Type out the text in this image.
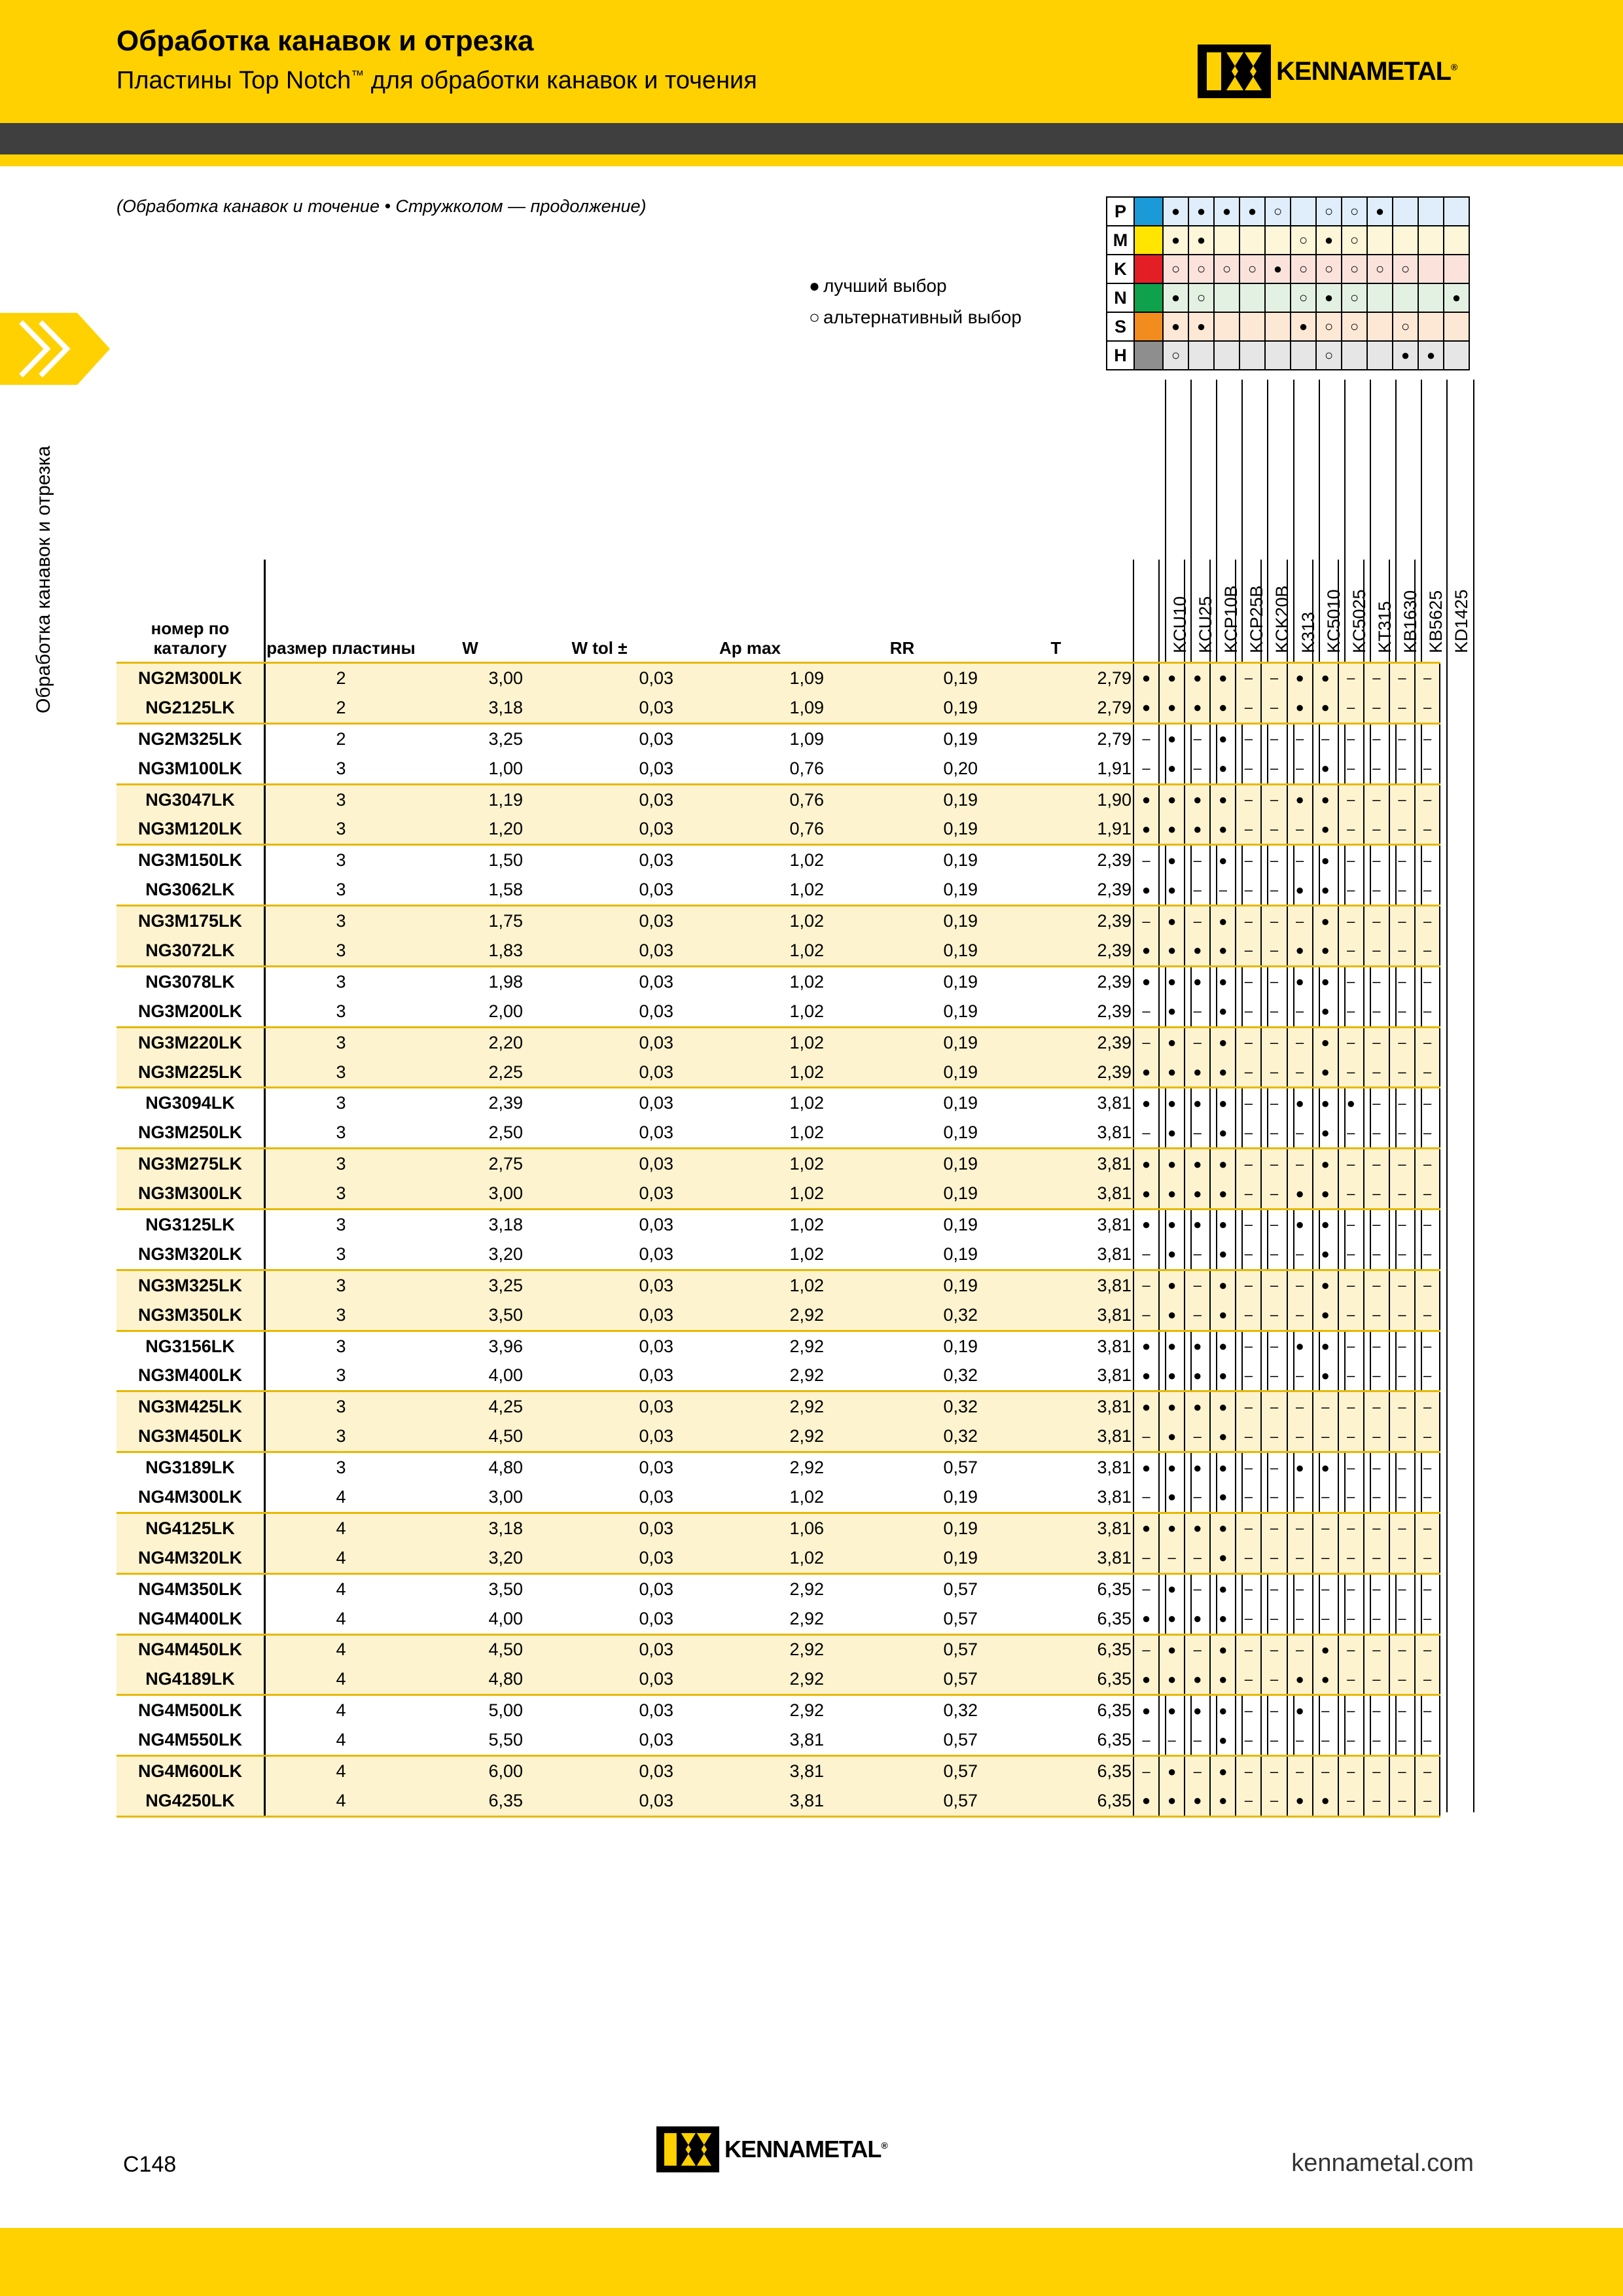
Обработка канавок и отрезка
Пластины Top Notch™ для обработки канавок и точения	KENNAMETAL®
Обработка канавок и отрезка
(Обработка канавок и точение • Стружколом — продолжение)
● лучший выбор
○ альтернативный выбор
P		●	●	●	●	○		○	○	●			
M		●	●				○	●	○				
K		○	○	○	○	●	○	○	○	○	○		
N		●	○				○	●	○				●
S		●	●				●	○	○		○		
H		○						○			●	●	
KCU10 KCU25 KCP10B KCP25B KCK20B K313 KC5010 KC5025 KT315 KB1630 KB5625 KD1425
номер по каталогу	размер пластины	W	W tol ±	Ap max	RR	T												
NG2M300LK	2	3,00	0,03	1,09	0,19	2,79	●	●	●	●	–	–	●	●	–	–	–	–
NG2125LK	2	3,18	0,03	1,09	0,19	2,79	●	●	●	●	–	–	●	●	–	–	–	–
NG2M325LK	2	3,25	0,03	1,09	0,19	2,79	–	●	–	●	–	–	–	–	–	–	–	–
NG3M100LK	3	1,00	0,03	0,76	0,20	1,91	–	●	–	●	–	–	–	●	–	–	–	–
NG3047LK	3	1,19	0,03	0,76	0,19	1,90	●	●	●	●	–	–	●	●	–	–	–	–
NG3M120LK	3	1,20	0,03	0,76	0,19	1,91	●	●	●	●	–	–	–	●	–	–	–	–
NG3M150LK	3	1,50	0,03	1,02	0,19	2,39	–	●	–	●	–	–	–	●	–	–	–	–
NG3062LK	3	1,58	0,03	1,02	0,19	2,39	●	●	–	–	–	–	●	●	–	–	–	–
NG3M175LK	3	1,75	0,03	1,02	0,19	2,39	–	●	–	●	–	–	–	●	–	–	–	–
NG3072LK	3	1,83	0,03	1,02	0,19	2,39	●	●	●	●	–	–	●	●	–	–	–	–
NG3078LK	3	1,98	0,03	1,02	0,19	2,39	●	●	●	●	–	–	●	●	–	–	–	–
NG3M200LK	3	2,00	0,03	1,02	0,19	2,39	–	●	–	●	–	–	–	●	–	–	–	–
NG3M220LK	3	2,20	0,03	1,02	0,19	2,39	–	●	–	●	–	–	–	●	–	–	–	–
NG3M225LK	3	2,25	0,03	1,02	0,19	2,39	●	●	●	●	–	–	–	●	–	–	–	–
NG3094LK	3	2,39	0,03	1,02	0,19	3,81	●	●	●	●	–	–	●	●	●	–	–	–
NG3M250LK	3	2,50	0,03	1,02	0,19	3,81	–	●	–	●	–	–	–	●	–	–	–	–
NG3M275LK	3	2,75	0,03	1,02	0,19	3,81	●	●	●	●	–	–	–	●	–	–	–	–
NG3M300LK	3	3,00	0,03	1,02	0,19	3,81	●	●	●	●	–	–	●	●	–	–	–	–
NG3125LK	3	3,18	0,03	1,02	0,19	3,81	●	●	●	●	–	–	●	●	–	–	–	–
NG3M320LK	3	3,20	0,03	1,02	0,19	3,81	–	●	–	●	–	–	–	●	–	–	–	–
NG3M325LK	3	3,25	0,03	1,02	0,19	3,81	–	●	–	●	–	–	–	●	–	–	–	–
NG3M350LK	3	3,50	0,03	2,92	0,32	3,81	–	●	–	●	–	–	–	●	–	–	–	–
NG3156LK	3	3,96	0,03	2,92	0,19	3,81	●	●	●	●	–	–	●	●	–	–	–	–
NG3M400LK	3	4,00	0,03	2,92	0,32	3,81	●	●	●	●	–	–	–	●	–	–	–	–
NG3M425LK	3	4,25	0,03	2,92	0,32	3,81	●	●	●	●	–	–	–	–	–	–	–	–
NG3M450LK	3	4,50	0,03	2,92	0,32	3,81	–	●	–	●	–	–	–	–	–	–	–	–
NG3189LK	3	4,80	0,03	2,92	0,57	3,81	●	●	●	●	–	–	●	●	–	–	–	–
NG4M300LK	4	3,00	0,03	1,02	0,19	3,81	–	●	–	●	–	–	–	–	–	–	–	–
NG4125LK	4	3,18	0,03	1,06	0,19	3,81	●	●	●	●	–	–	–	–	–	–	–	–
NG4M320LK	4	3,20	0,03	1,02	0,19	3,81	–	–	–	●	–	–	–	–	–	–	–	–
NG4M350LK	4	3,50	0,03	2,92	0,57	6,35	–	●	–	●	–	–	–	–	–	–	–	–
NG4M400LK	4	4,00	0,03	2,92	0,57	6,35	●	●	●	●	–	–	–	–	–	–	–	–
NG4M450LK	4	4,50	0,03	2,92	0,57	6,35	–	●	–	●	–	–	–	●	–	–	–	–
NG4189LK	4	4,80	0,03	2,92	0,57	6,35	●	●	●	●	–	–	●	●	–	–	–	–
NG4M500LK	4	5,00	0,03	2,92	0,32	6,35	●	●	●	●	–	–	●	–	–	–	–	–
NG4M550LK	4	5,50	0,03	3,81	0,57	6,35	–	–	–	●	–	–	–	–	–	–	–	–
NG4M600LK	4	6,00	0,03	3,81	0,57	6,35	–	●	–	●	–	–	–	–	–	–	–	–
NG4250LK	4	6,35	0,03	3,81	0,57	6,35	●	●	●	●	–	–	●	●	–	–	–	–
KENNAMETAL®
C148	kennametal.com
